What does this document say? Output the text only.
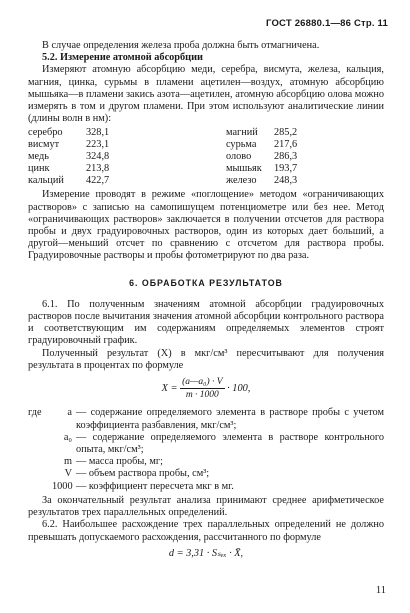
ГОСТ 26880.1—86 Стр. 11

В случае определения железа проба должна быть отмагничена.

5.2. Измерение атомной абсорбции

Измеряют атомную абсорбцию меди, серебра, висмута, железа, кальция, магния, цинка, сурьмы в пламени ацетилен—воздух, атомную абсорбцию мышьяка—в пламени закись азота—ацетилен, атомную абсорбцию олова можно измерять в том и другом пламени. При этом используют аналитические линии (длины волн в нм):

серебро	328,1	магний	285,2
висмут	223,1	сурьма	217,6
медь	324,8	олово	286,3
цинк	213,8	мышьяк	193,7
кальций	422,7	железо	248,3

Измерение проводят в режиме «поглощение» методом «ограничивающих растворов» с записью на самопишущем потенциометре или без нее. Метод «ограничивающих растворов» заключается в получении отсчетов для раствора пробы и двух градуировочных растворов, один из которых дает больший, а другой—меньший отсчет по сравнению с отсчетом для раствора пробы. Градуировочные растворы и пробы фотометрируют по два раза.

6. ОБРАБОТКА РЕЗУЛЬТАТОВ

6.1. По полученным значениям атомной абсорбции градуировочных растворов после вычитания значения атомной абсорбции контрольного раствора и соответствующим им содержаниям определяемых элементов строят градуировочный график.

Полученный результат (X) в мкг/см³ пересчитывают для получения результата в процентах по формуле

$X = \frac{\text{(a—a₀) · V}}{m \cdot 1000} \cdot 100$,
где	a — содержание определяемого элемента в растворе пробы с учетом коэффициента разбавления, мкг/см³;
a₀ — содержание определяемого элемента в растворе контрольного опыта, мкг/см³;
m — масса пробы, мг;
V — объем раствора пробы, см³;
1000 — коэффициент пересчета мкг в мг.

За окончательный результат анализа принимают среднее арифметическое результатов трех параллельных определений.

6.2. Наибольшее расхождение трех параллельных определений не должно превышать допускаемого расхождения, рассчитанного по формуле

d = 3,31 · Sₛₑₓ · X̄,
11
